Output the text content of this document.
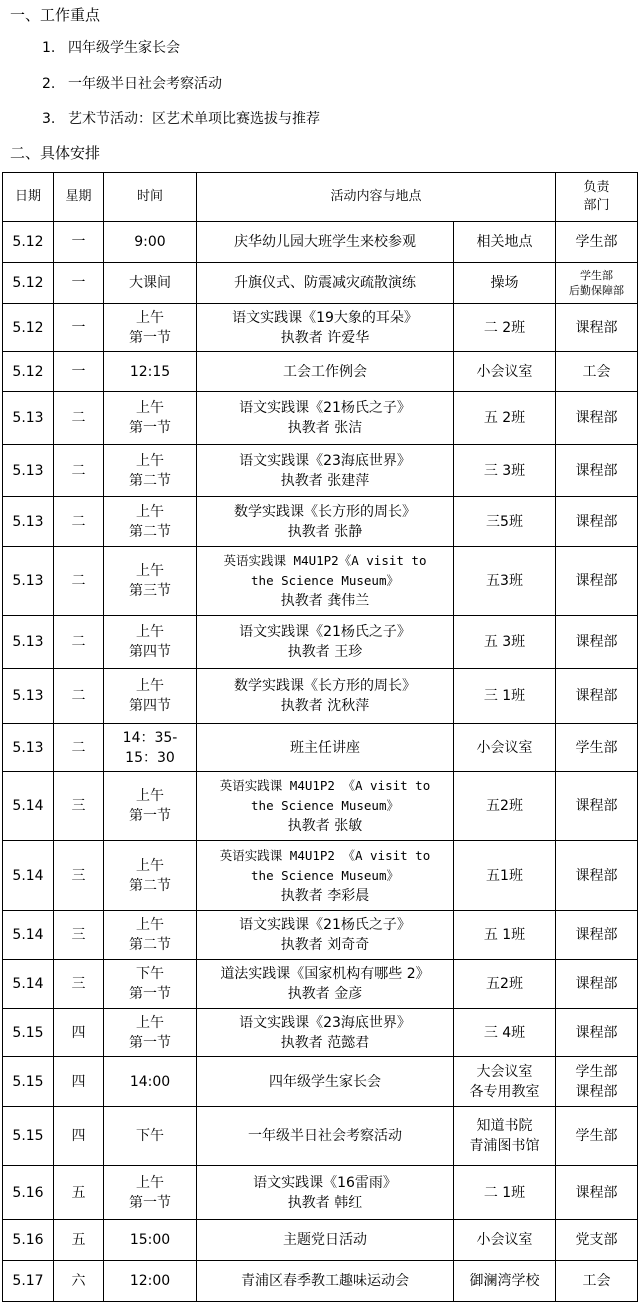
一、工作重点
1. 四年级学生家长会
2. 一年级半日社会考察活动
3. 艺术节活动：区艺术单项比赛选拔与推荐
二、具体安排
日期	星期	时间	活动内容与地点		负责
部门

5.12	一	9:00	庆华幼儿园大班学生来校参观	相关地点	学生部

5.12	一	大课间	升旗仪式、防震减灾疏散演练	操场	学生部
后勤保障部

5.12	一	上午
第一节	语文实践课《19大象的耳朵》
执教者 许爱华	二 2班	课程部

5.12	一	12:15	工会工作例会	小会议室	工会

5.13	二	上午
第一节	语文实践课《21杨氏之子》
执教者 张洁	五 2班	课程部

5.13	二	上午
第二节	语文实践课《23海底世界》
执教者 张建萍	三 3班	课程部

5.13	二	上午
第二节	数学实践课《长方形的周长》
执教者 张静	三5班	课程部

5.13	二	上午
第三节	英语实践课 M4U1P2《A visit to
the Science Museum》
执教者 龚伟兰	五3班	课程部

5.13	二	上午
第四节	语文实践课《21杨氏之子》
执教者 王珍	五 3班	课程部

5.13	二	上午
第四节	数学实践课《长方形的周长》
执教者 沈秋萍	三 1班	课程部

5.13	二	14：35-
15：30	班主任讲座	小会议室	学生部

5.14	三	上午
第一节	英语实践课 M4U1P2 《A visit to
the Science Museum》
执教者 张敏	五2班	课程部

5.14	三	上午
第二节	英语实践课 M4U1P2 《A visit to
the Science Museum》
执教者 李彩晨	五1班	课程部

5.14	三	上午
第二节	语文实践课《21杨氏之子》
执教者 刘奇奇	五 1班	课程部

5.14	三	下午
第一节	道法实践课《国家机构有哪些 2》
执教者 金彦	五2班	课程部

5.15	四	上午
第一节	语文实践课《23海底世界》
执教者 范懿君	三 4班	课程部

5.15	四	14:00	四年级学生家长会	大会议室
各专用教室	学生部
课程部

5.15	四	下午	一年级半日社会考察活动	知道书院
青浦图书馆	学生部

5.16	五	上午
第一节	语文实践课《16雷雨》
执教者 韩红	二 1班	课程部

5.16	五	15:00	主题党日活动	小会议室	党支部

5.17	六	12:00	青浦区春季教工趣味运动会	御澜湾学校	工会
